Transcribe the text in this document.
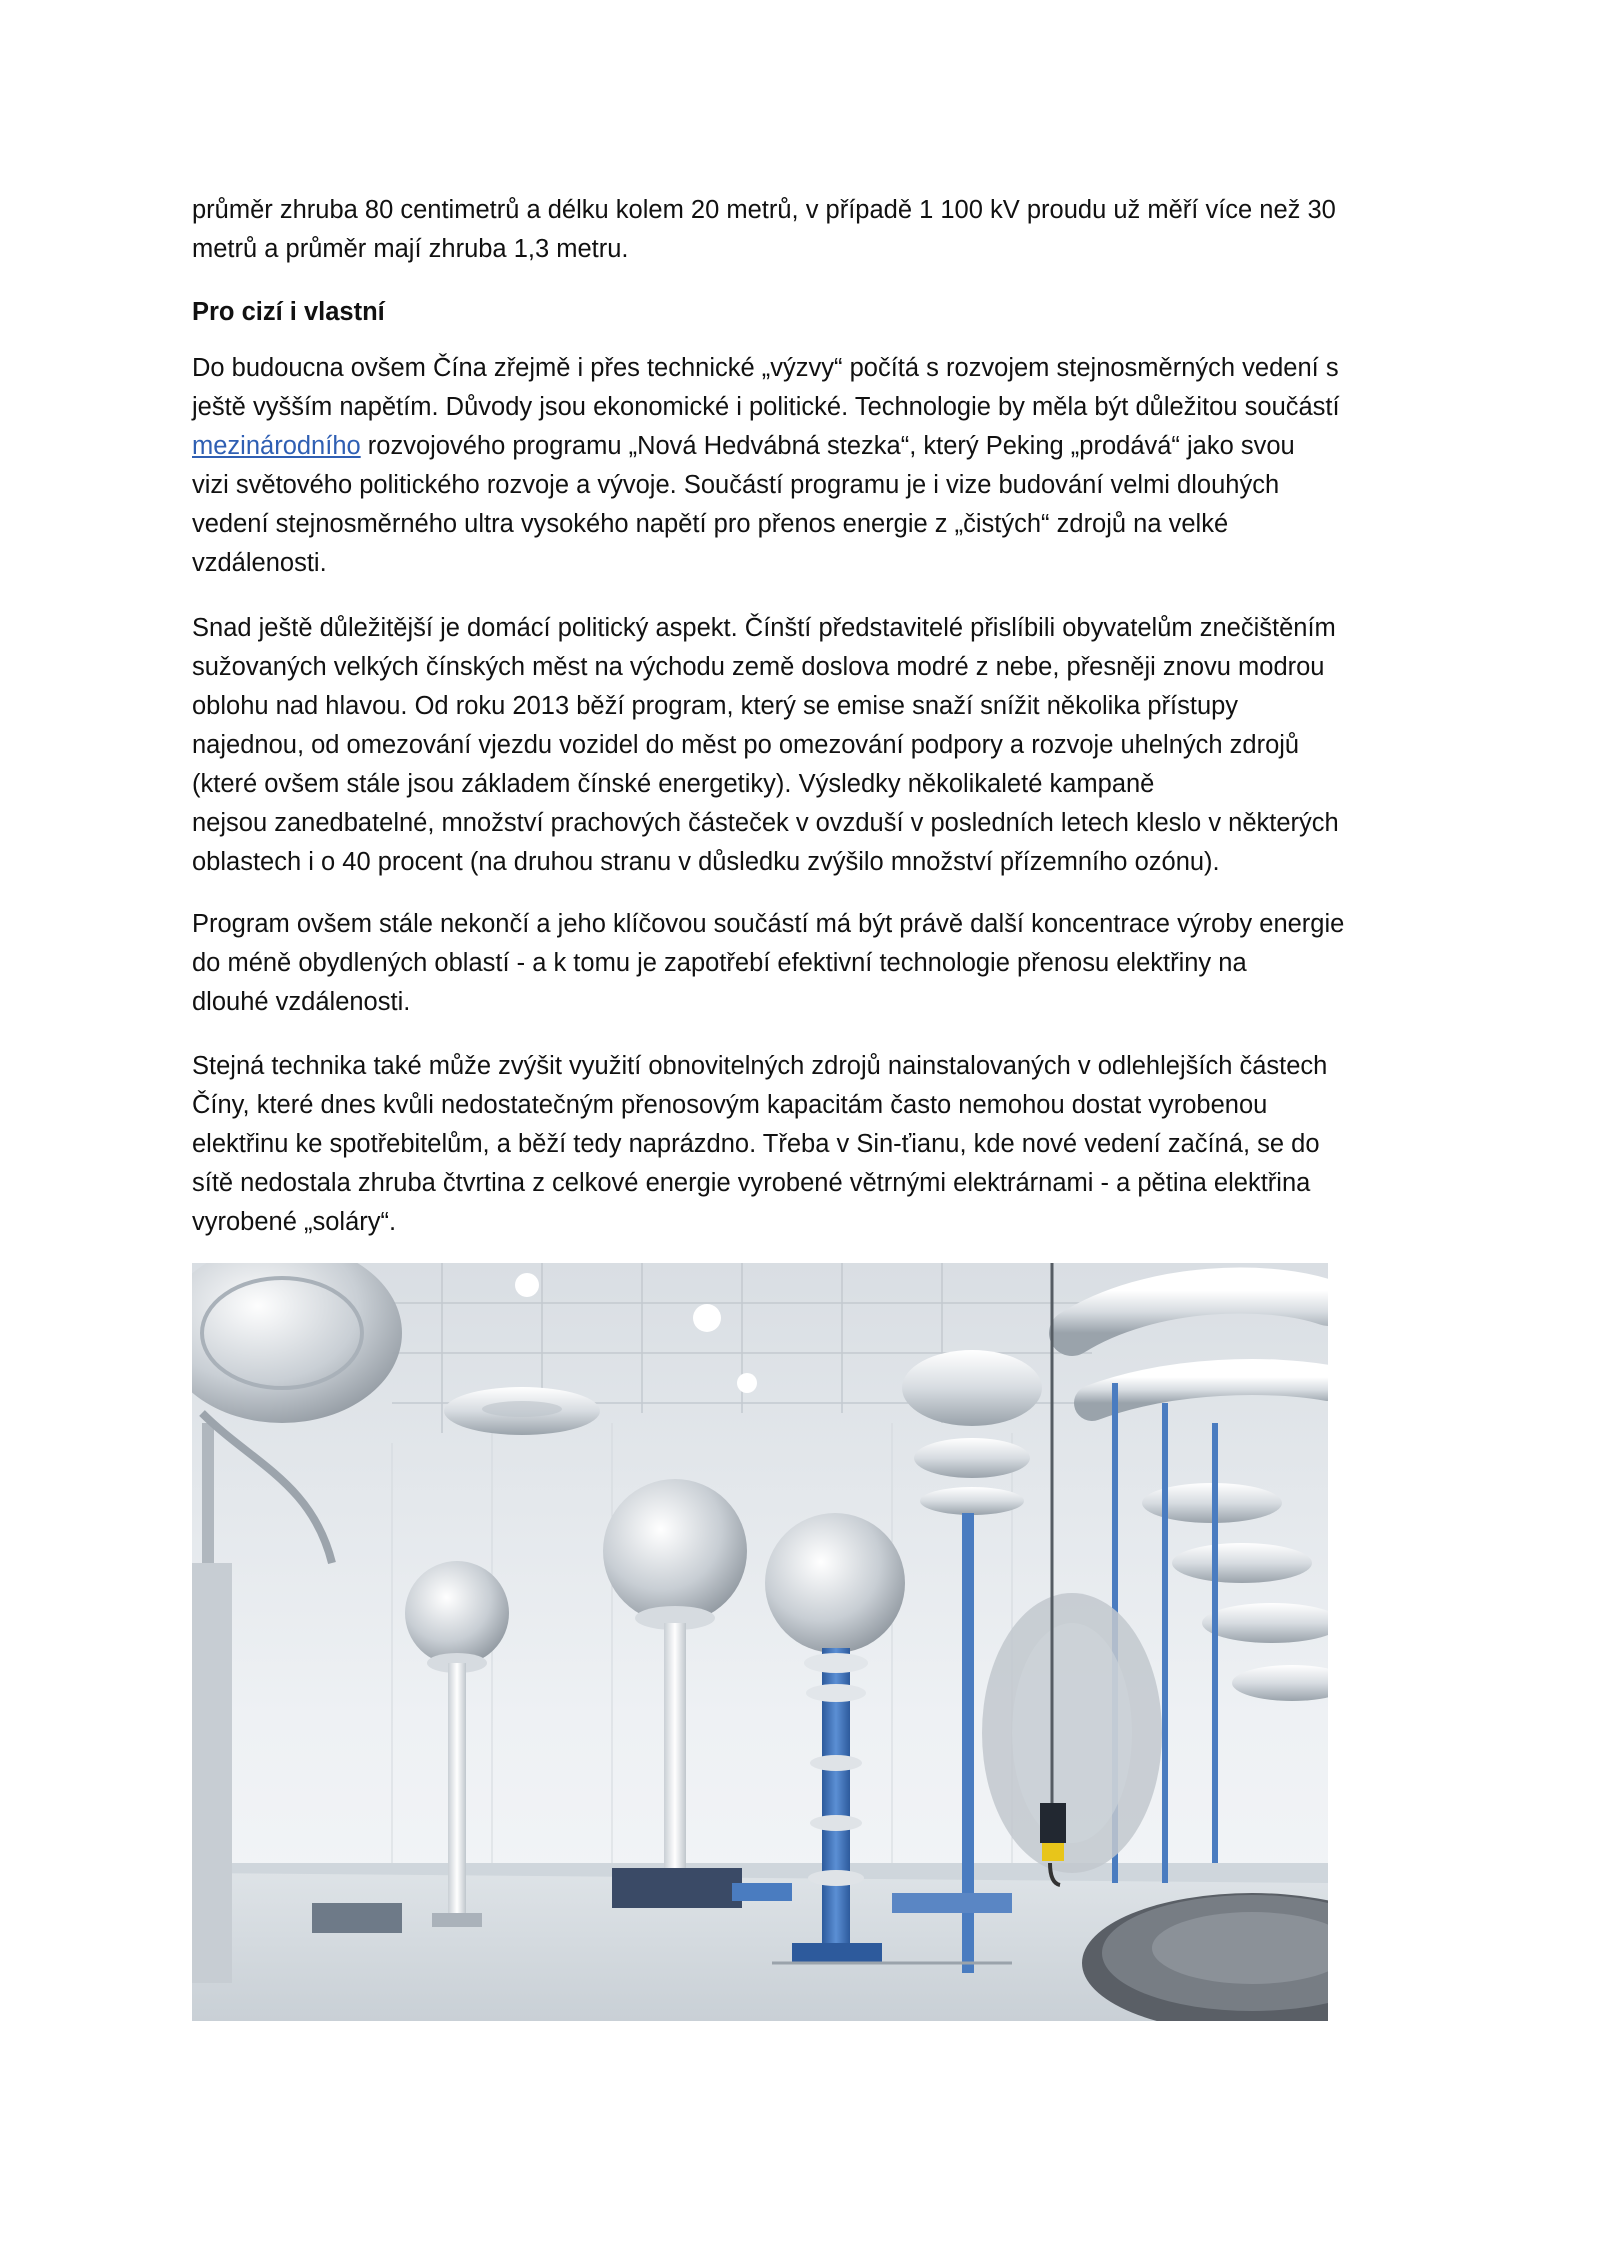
průměr zhruba 80 centimetrů a délku kolem 20 metrů, v případě 1 100 kV proudu už měří více než 30
metrů a průměr mají zhruba 1,3 metru.

Pro cizí i vlastní

Do budoucna ovšem Čína zřejmě i přes technické „výzvy“ počítá s rozvojem stejnosměrných vedení s
ještě vyšším napětím. Důvody jsou ekonomické i politické. Technologie by měla být důležitou součástí
mezinárodního rozvojového programu „Nová Hedvábná stezka“, který Peking „prodává“ jako svou
vizi světového politického rozvoje a vývoje. Součástí programu je i vize budování velmi dlouhých
vedení stejnosměrného ultra vysokého napětí pro přenos energie z „čistých“ zdrojů na velké
vzdálenosti.

Snad ještě důležitější je domácí politický aspekt. Čínští představitelé přislíbili obyvatelům znečištěním
sužovaných velkých čínských měst na východu země doslova modré z nebe, přesněji znovu modrou
oblohu nad hlavou. Od roku 2013 běží program, který se emise snaží snížit několika přístupy
najednou, od omezování vjezdu vozidel do měst po omezování podpory a rozvoje uhelných zdrojů
(které ovšem stále jsou základem čínské energetiky). Výsledky několikaleté kampaně
nejsou zanedbatelné, množství prachových částeček v ovzduší v posledních letech kleslo v některých
oblastech i o 40 procent (na druhou stranu v důsledku zvýšilo množství přízemního ozónu).

Program ovšem stále nekončí a jeho klíčovou součástí má být právě další koncentrace výroby energie
do méně obydlených oblastí - a k tomu je zapotřebí efektivní technologie přenosu elektřiny na
dlouhé vzdálenosti.

Stejná technika také může zvýšit využití obnovitelných zdrojů nainstalovaných v odlehlejších částech
Číny, které dnes kvůli nedostatečným přenosovým kapacitám často nemohou dostat vyrobenou
elektřinu ke spotřebitelům, a běží tedy naprázdno. Třeba v Sin-ťianu, kde nové vedení začíná, se do
sítě nedostala zhruba čtvrtina z celkové energie vyrobené větrnými elektrárnami - a pětina elektřina
vyrobené „soláry“.
